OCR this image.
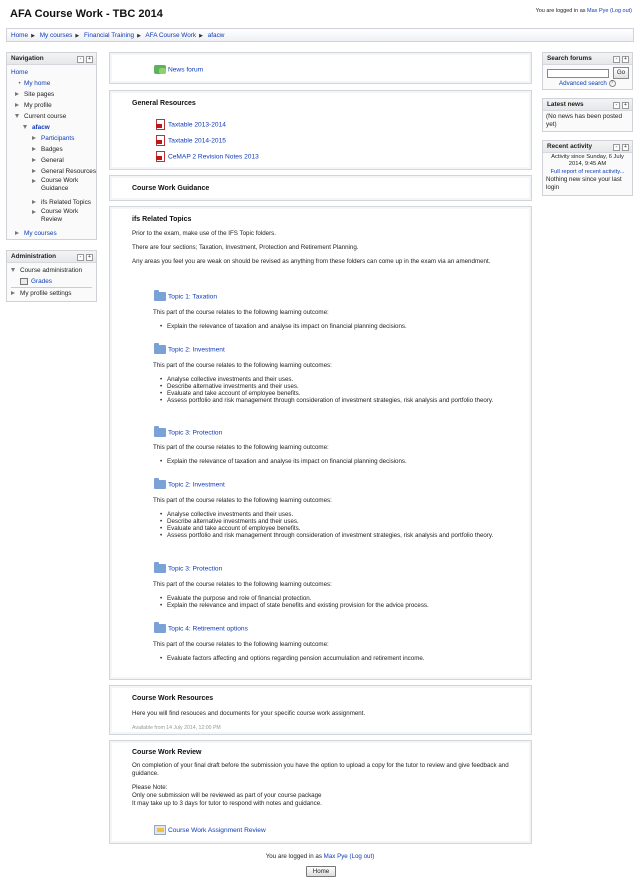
AFA Course Work - TBC 2014	You are logged in as Max Pye (Log out)
Home ▶ My courses ▶ Financial Training ▶ AFA Course Work ▶ afacw
Navigation	- +
Home
• My home
Site pages
My profile
Current course
afacw
Participants
Badges
General
General Resources
Course Work Guidance
ifs Related Topics
Course Work Review
My courses
Administration	- +
Course administration
Grades
My profile settings
Search forums	- +
Go
Advanced search ?
Latest news	- +
(No news has been posted yet)
Recent activity	- +
Activity since Sunday, 6 July 2014, 9:45 AM
Full report of recent activity...
Nothing new since your last login
News forum
General Resources
Taxtable 2013-2014
Taxtable 2014-2015
CeMAP 2 Revision Notes 2013
Course Work Guidance
ifs Related Topics
Prior to the exam, make use of the IFS Topic folders.
There are four sections; Taxation, Investment, Protection and Retirement Planning.
Any areas you feel you are weak on should be revised as anything from these folders can come up in the exam via an amendment.
Topic 1: Taxation
This part of the course relates to the following learning outcome:
• Explain the relevance of taxation and analyse its impact on financial planning decisions.
Topic 2: Investment
This part of the course relates to the following learning outcomes:
• Analyse collective investments and their uses.
• Describe alternative investments and their uses.
• Evaluate and take account of employee benefits.
• Assess portfolio and risk management through consideration of investment strategies, risk analysis and portfolio theory.
Topic 3: Protection
This part of the course relates to the following learning outcome:
• Explain the relevance of taxation and analyse its impact on financial planning decisions.
Topic 2: Investment
This part of the course relates to the following learning outcomes:
• Analyse collective investments and their uses.
• Describe alternative investments and their uses.
• Evaluate and take account of employee benefits.
• Assess portfolio and risk management through consideration of investment strategies, risk analysis and portfolio theory.
Topic 3: Protection
This part of the course relates to the following learning outcomes:
• Evaluate the purpose and role of financial protection.
• Explain the relevance and impact of state benefits and existing provision for the advice process.
Topic 4: Retirement options
This part of the course relates to the following learning outcome:
• Evaluate factors affecting and options regarding pension accumulation and retirement income.
Course Work Resources
Here you will find resouces and documents for your specific course work assignment.
Available from 14 July 2014, 12:00 PM
Course Work Review
On completion of your final draft before the submission you have the option to upload a copy for the tutor to review and give feedback and guidance.
Please Note:
Only one submission will be reviewed as part of your course package
It may take up to 3 days for tutor to respond with notes and guidance.
Course Work Assignment Review
You are logged in as Max Pye (Log out)
Home
